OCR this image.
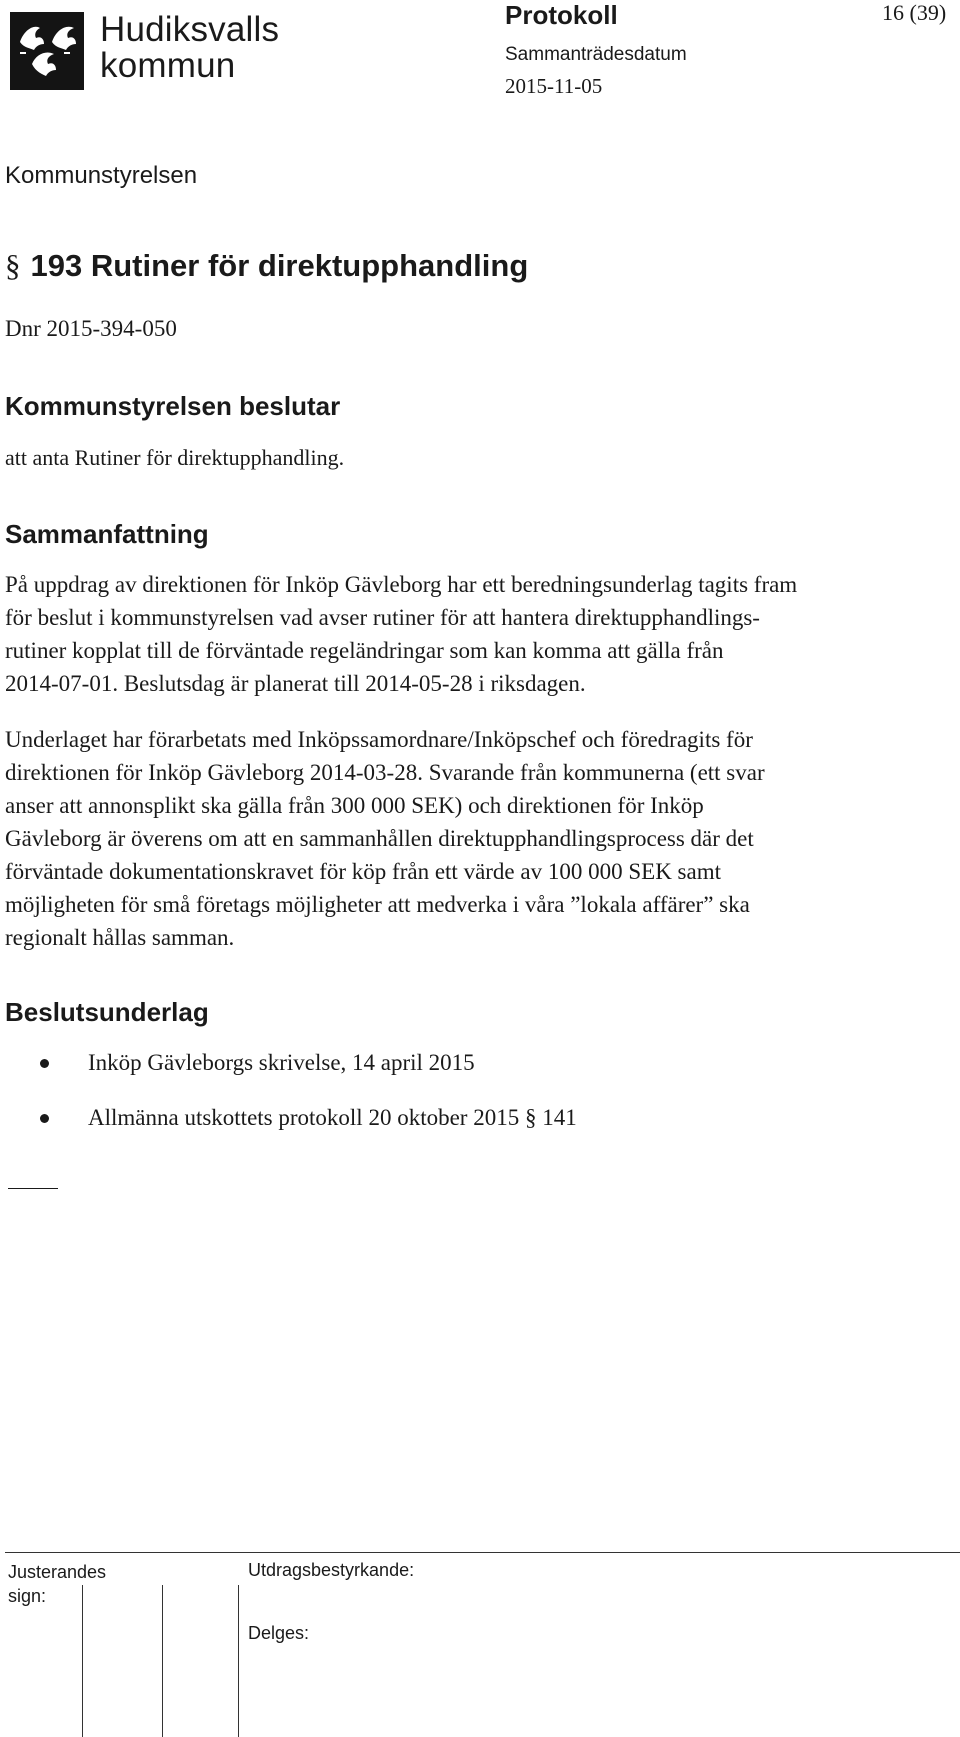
Hudiksvalls
kommun
Protokoll	16 (39)
Sammanträdesdatum
2015-11-05
Kommunstyrelsen
§ 193 Rutiner för direktupphandling
Dnr 2015-394-050
Kommunstyrelsen beslutar
att anta Rutiner för direktupphandling.
Sammanfattning
På uppdrag av direktionen för Inköp Gävleborg har ett beredningsunderlag tagits fram
för beslut i kommunstyrelsen vad avser rutiner för att hantera direktupphandlings-
rutiner kopplat till de förväntade regeländringar som kan komma att gälla från
2014-07-01. Beslutsdag är planerat till 2014-05-28 i riksdagen.
Underlaget har förarbetats med Inköpssamordnare/Inköpschef och föredragits för
direktionen för Inköp Gävleborg 2014-03-28. Svarande från kommunerna (ett svar
anser att annonsplikt ska gälla från 300 000 SEK) och direktionen för Inköp
Gävleborg är överens om att en sammanhållen direktupphandlingsprocess där det
förväntade dokumentationskravet för köp från ett värde av 100 000 SEK samt
möjligheten för små företags möjligheter att medverka i våra ”lokala affärer” ska
regionalt hållas samman.
Beslutsunderlag
Inköp Gävleborgs skrivelse, 14 april 2015
Allmänna utskottets protokoll 20 oktober 2015 § 141
Justerandes
sign:
Utdragsbestyrkande:
Delges:
